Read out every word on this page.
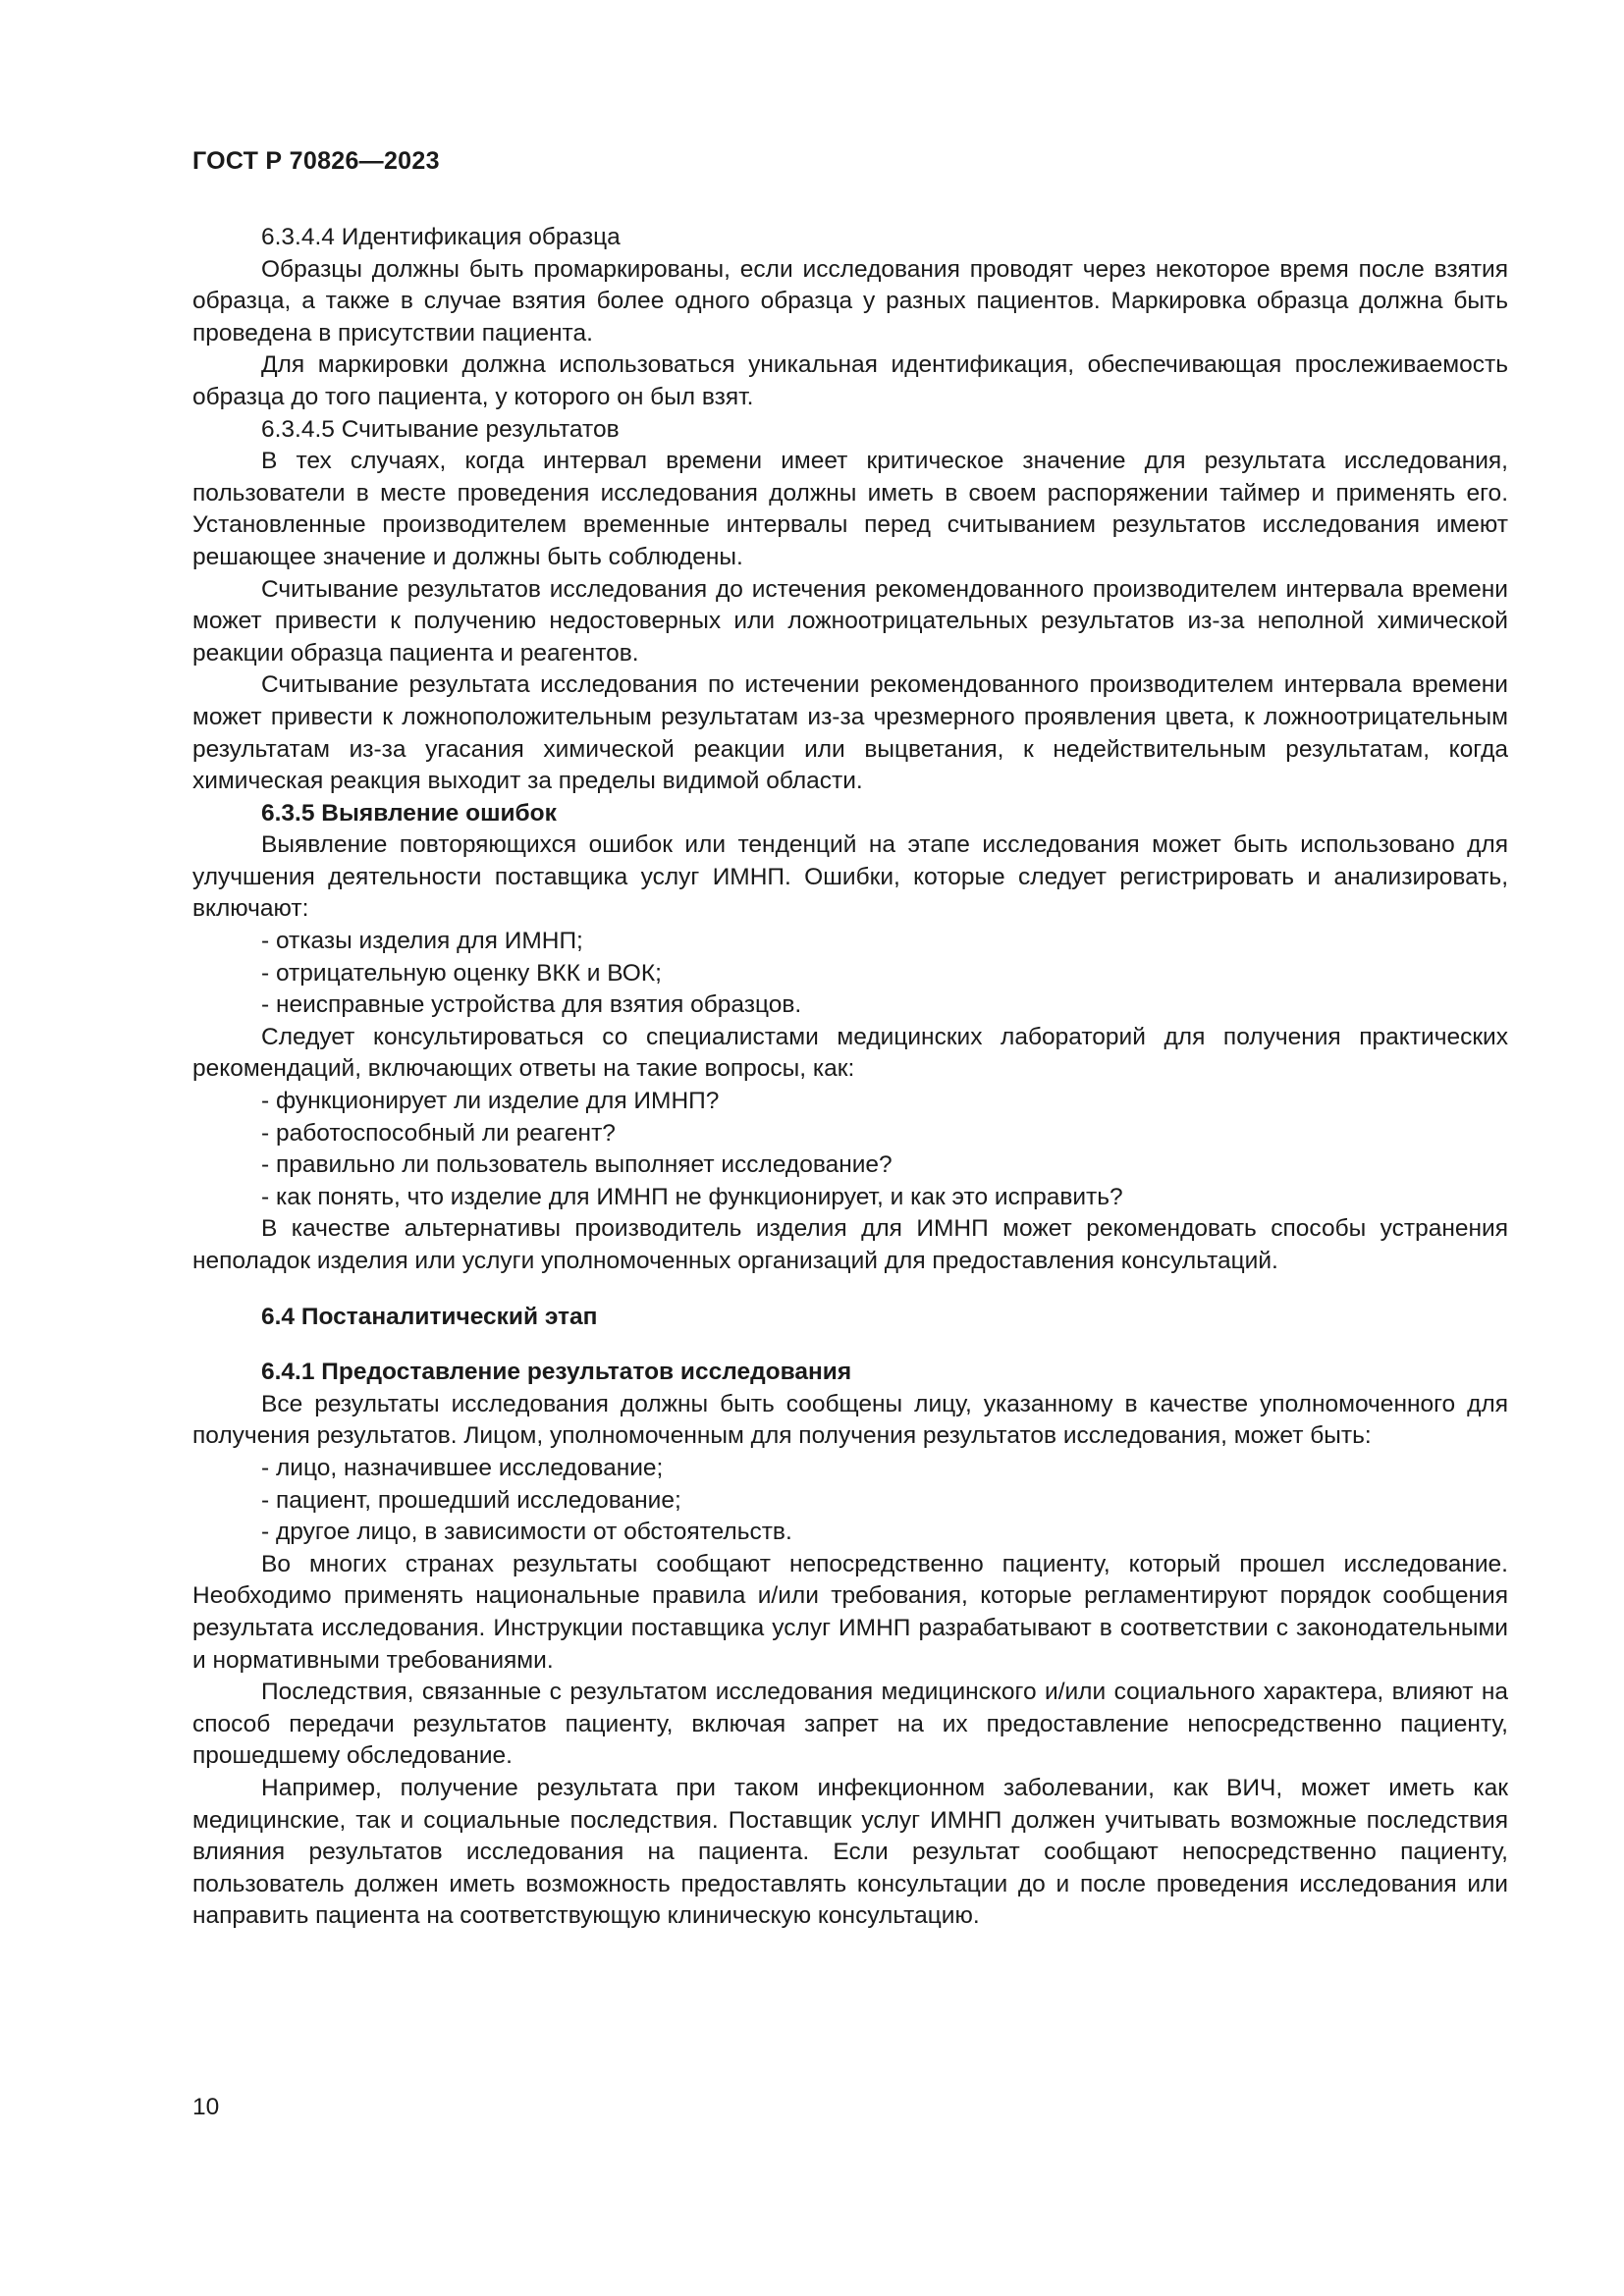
ГОСТ Р 70826—2023

6.3.4.4 Идентификация образца

Образцы должны быть промаркированы, если исследования проводят через некоторое время после взятия образца, а также в случае взятия более одного образца у разных пациентов. Маркировка образца должна быть проведена в присутствии пациента.

Для маркировки должна использоваться уникальная идентификация, обеспечивающая прослеживаемость образца до того пациента, у которого он был взят.

6.3.4.5 Считывание результатов

В тех случаях, когда интервал времени имеет критическое значение для результата исследования, пользователи в месте проведения исследования должны иметь в своем распоряжении таймер и применять его. Установленные производителем временные интервалы перед считыванием результатов исследования имеют решающее значение и должны быть соблюдены.

Считывание результатов исследования до истечения рекомендованного производителем интервала времени может привести к получению недостоверных или ложноотрицательных результатов из-за неполной химической реакции образца пациента и реагентов.

Считывание результата исследования по истечении рекомендованного производителем интервала времени может привести к ложноположительным результатам из-за чрезмерного проявления цвета, к ложноотрицательным результатам из-за угасания химической реакции или выцветания, к недействительным результатам, когда химическая реакция выходит за пределы видимой области.

6.3.5 Выявление ошибок

Выявление повторяющихся ошибок или тенденций на этапе исследования может быть использовано для улучшения деятельности поставщика услуг ИМНП. Ошибки, которые следует регистрировать и анализировать, включают:

- отказы изделия для ИМНП;

- отрицательную оценку ВКК и ВОК;

- неисправные устройства для взятия образцов.

Следует консультироваться со специалистами медицинских лабораторий для получения практических рекомендаций, включающих ответы на такие вопросы, как:

- функционирует ли изделие для ИМНП?

- работоспособный ли реагент?

- правильно ли пользователь выполняет исследование?

- как понять, что изделие для ИМНП не функционирует, и как это исправить?

В качестве альтернативы производитель изделия для ИМНП может рекомендовать способы устранения неполадок изделия или услуги уполномоченных организаций для предоставления консультаций.

6.4 Постаналитический этап
6.4.1 Предоставление результатов исследования

Все результаты исследования должны быть сообщены лицу, указанному в качестве уполномоченного для получения результатов. Лицом, уполномоченным для получения результатов исследования, может быть:

- лицо, назначившее исследование;

- пациент, прошедший исследование;

- другое лицо, в зависимости от обстоятельств.

Во многих странах результаты сообщают непосредственно пациенту, который прошел исследование. Необходимо применять национальные правила и/или требования, которые регламентируют порядок сообщения результата исследования. Инструкции поставщика услуг ИМНП разрабатывают в соответствии с законодательными и нормативными требованиями.

Последствия, связанные с результатом исследования медицинского и/или социального характера, влияют на способ передачи результатов пациенту, включая запрет на их предоставление непосредственно пациенту, прошедшему обследование.

Например, получение результата при таком инфекционном заболевании, как ВИЧ, может иметь как медицинские, так и социальные последствия. Поставщик услуг ИМНП должен учитывать возможные последствия влияния результатов исследования на пациента. Если результат сообщают непосредственно пациенту, пользователь должен иметь возможность предоставлять консультации до и после проведения исследования или направить пациента на соответствующую клиническую консультацию.

10
